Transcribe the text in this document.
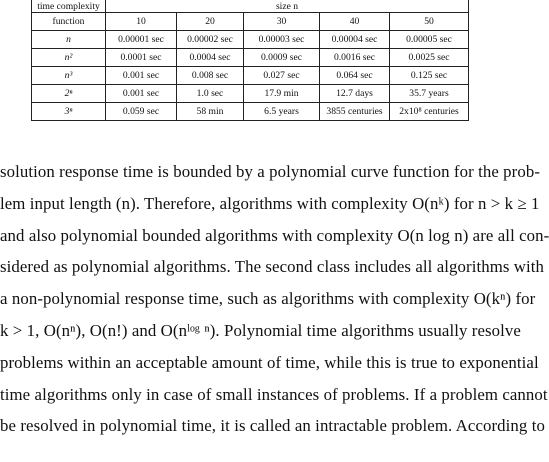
time complexity	size n				
function	10	20	30	40	50
n	0.00001 sec	0.00002 sec	0.00003 sec	0.00004 sec	0.00005 sec
n²	0.0001 sec	0.0004 sec	0.0009 sec	0.0016 sec	0.0025 sec
n³	0.001 sec	0.008 sec	0.027 sec	0.064 sec	0.125 sec
2ⁿ	0.001 sec	1.0 sec	17.9 min	12.7 days	35.7 years
3ⁿ	0.059 sec	58 min	6.5 years	3855 centuries	2x10⁸ centuries
solution response time is bounded by a polynomial curve function for the prob-
lem input length (n). Therefore, algorithms with complexity O(nᵏ) for n > k ≥ 1
and also polynomial bounded algorithms with complexity O(n log n) are all con-
sidered as polynomial algorithms. The second class includes all algorithms with
a non-polynomial response time, such as algorithms with complexity O(kⁿ) for
k > 1, O(nⁿ), O(n!) and O(nˡᵒᵍ ⁿ). Polynomial time algorithms usually resolve
problems within an acceptable amount of time, while this is true to exponential
time algorithms only in case of small instances of problems. If a problem cannot
be resolved in polynomial time, it is called an intractable problem. According to
